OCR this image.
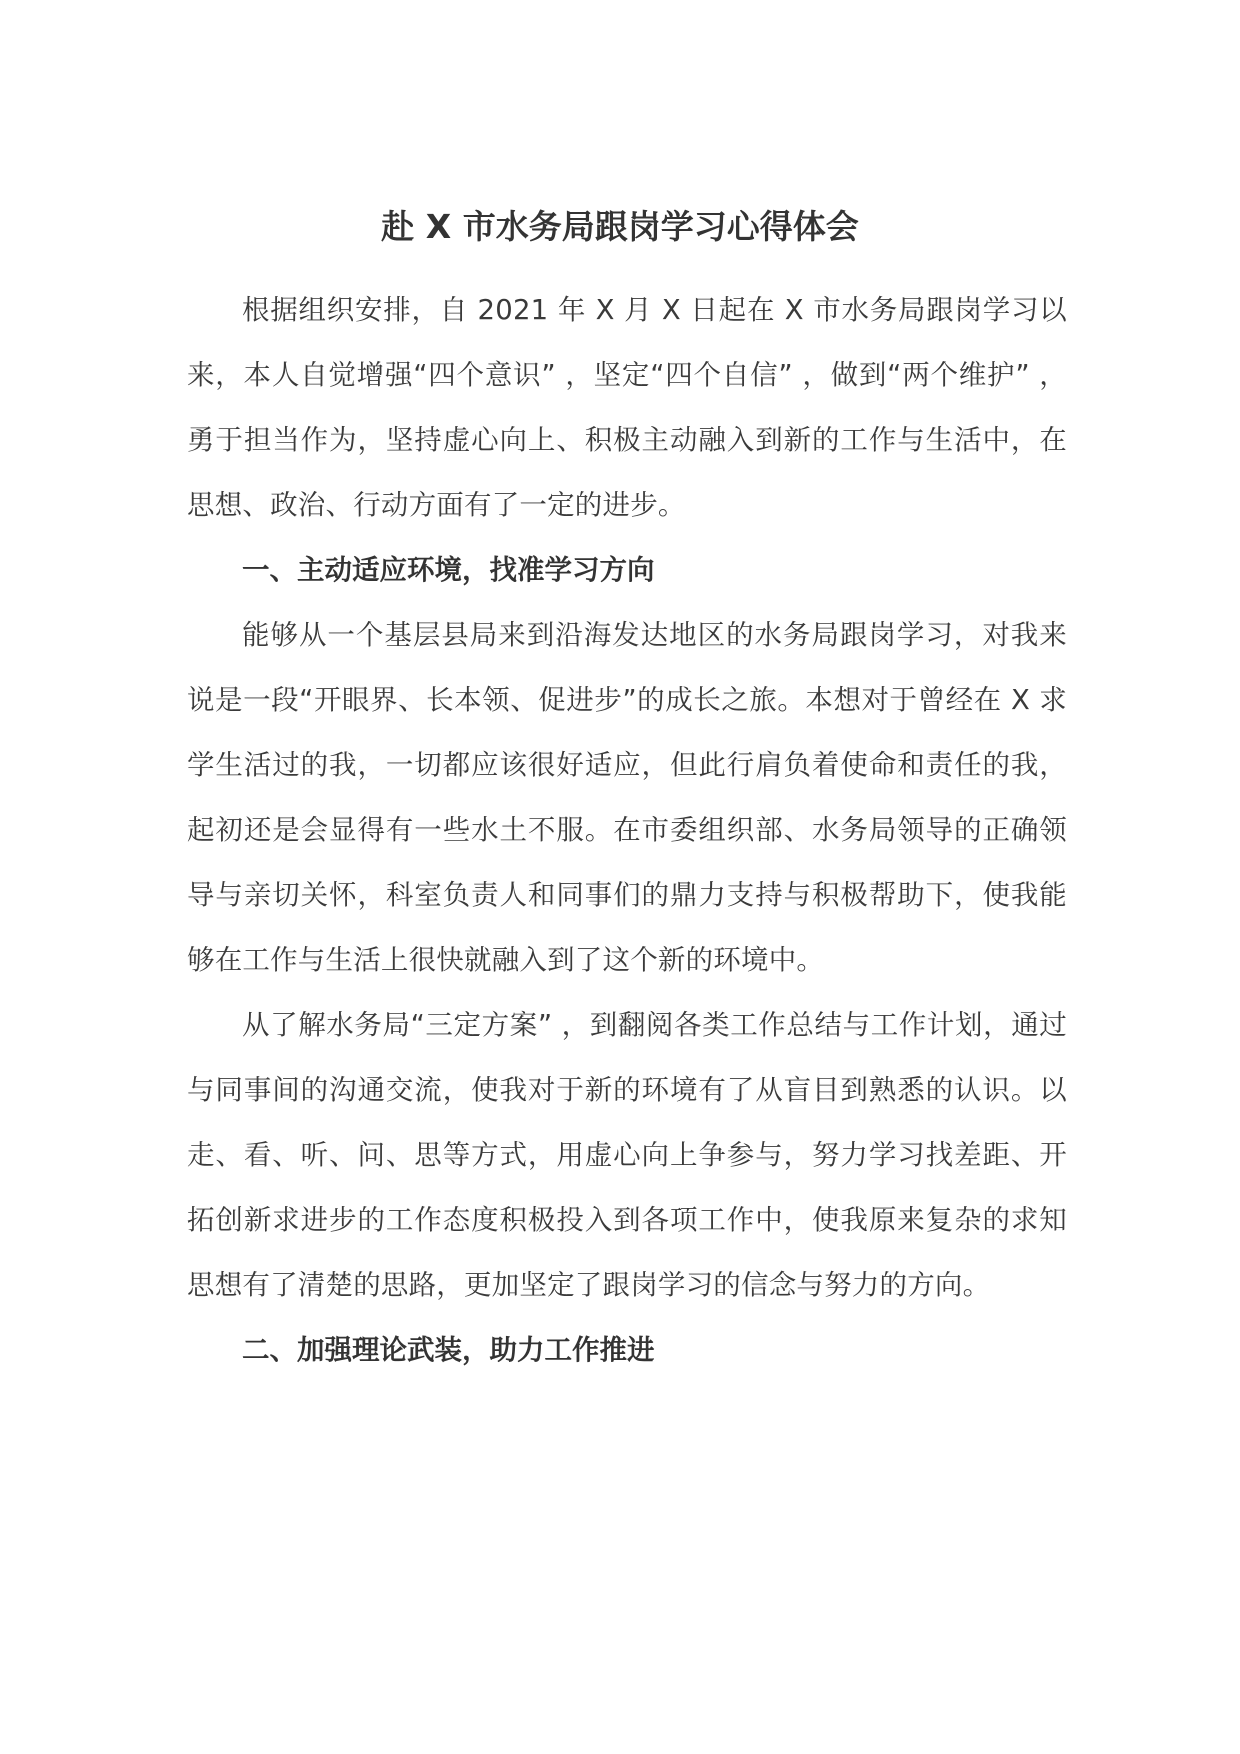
赴 X 市水务局跟岗学习心得体会

根据组织安排，自 2021 年 X 月 X 日起在 X 市水务局跟岗学习以来，本人自觉增强“四个意识” ，坚定“四个自信” ，做到“两个维护” ，勇于担当作为，坚持虚心向上、积极主动融入到新的工作与生活中，在思想、政治、行动方面有了一定的进步。

一、主动适应环境，找准学习方向

能够从一个基层县局来到沿海发达地区的水务局跟岗学习，对我来说是一段“开眼界、长本领、促进步”的成长之旅。本想对于曾经在 X 求学生活过的我，一切都应该很好适应，但此行肩负着使命和责任的我，起初还是会显得有一些水土不服。在市委组织部、水务局领导的正确领导与亲切关怀，科室负责人和同事们的鼎力支持与积极帮助下，使我能够在工作与生活上很快就融入到了这个新的环境中。

从了解水务局“三定方案” ，到翻阅各类工作总结与工作计划，通过与同事间的沟通交流，使我对于新的环境有了从盲目到熟悉的认识。以走、看、听、问、思等方式，用虚心向上争参与，努力学习找差距、开拓创新求进步的工作态度积极投入到各项工作中，使我原来复杂的求知思想有了清楚的思路，更加坚定了跟岗学习的信念与努力的方向。

二、加强理论武装，助力工作推进
